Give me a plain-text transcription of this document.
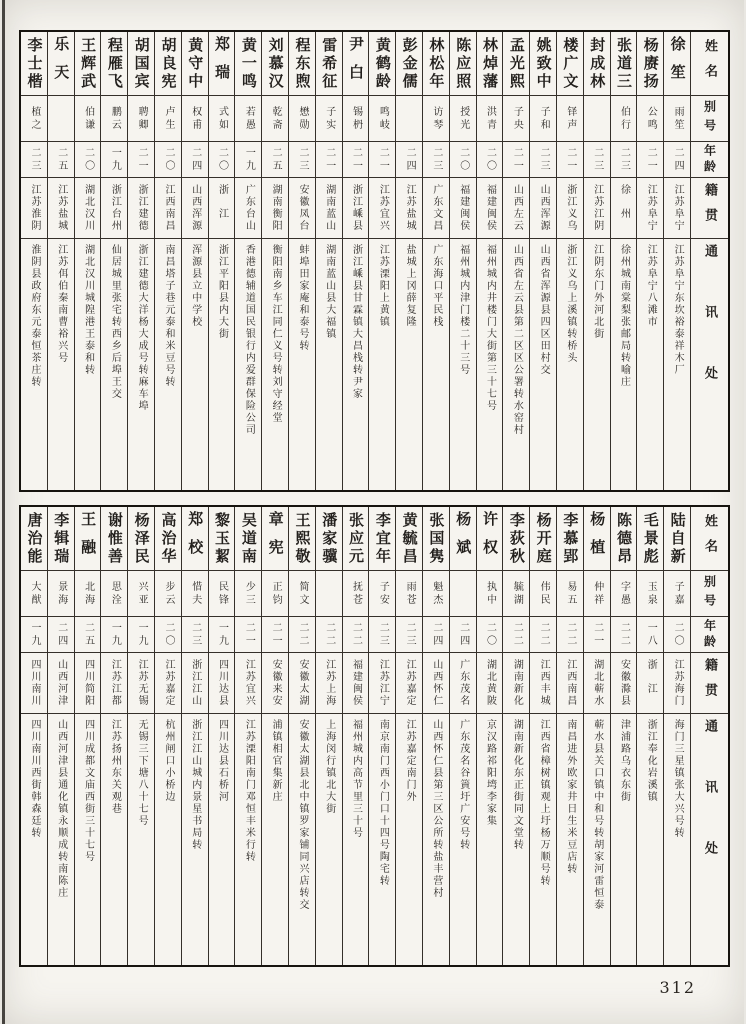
姓名
别号
年龄
籍贯
通讯处
徐笙
雨笙
二四
江苏阜宁
江苏阜宁东坎裕泰祥木厂
杨赓扬
公鸣
二一
江苏阜宁
江苏阜宁八滩市
张道三
伯行
二三
徐州
徐州城南棠梨张邮局转喻庄
封成林
二三
江苏江阴
江阴东门外河北街
楼广文
铎声
二一
浙江义乌
浙江义乌上溪镇转桥头
姚致中
子和
二三
山西浑源
山西省浑源县四区田村交
孟光熙
子央
二一
山西左云
山西省左云县第二区区公署转水窑村
林焯藩
洪青
二〇
福建闽侯
福州城内井楼门大街第三十七号
陈应照
授光
二〇
福建闽侯
福州城内津门楼二十三号
林松年
访琴
二三
广东文昌
广东海口平民栈
彭金儒
二四
江苏盐城
盐城上冈薛复隆
黄鹤龄
鸣岐
二一
江苏宜兴
江苏溧阳上黄镇
尹白
锡枬
二一
浙江嵊县
浙江嵊县甘霖镇大昌栈转尹家
雷希征
子实
二一
湖南蓝山
湖南蓝山县大福镇
程东煦
懋勋
二三
安徽凤台
蚌埠田家庵和泰号转
刘慕汉
乾斋
二五
湖南衡阳
衡阳南乡车江同仁义号转刘守经堂
黄一鸣
若愚
一九
广东台山
香港德辅道国民银行内爱群保险公司
郑瑞
式如
二〇
浙江
浙江平阳县内大街
黄守中
权甫
二四
山西浑源
浑源县立中学校
胡良宪
卢生
二〇
江西南昌
南昌塔子巷元泰和米豆号转
胡国宾
聘卿
二一
浙江建德
浙江建德大洋杨大成号转麻车埠
程雁飞
鹏云
一九
浙江台州
仙居城里张宅转西乡后埠王交
王辉武
伯谦
二〇
湖北汉川
湖北汉川城隍港王泰和转
乐天
二五
江苏盐城
江苏佴伯秦南曹裕兴号
李士楷
植之
二三
江苏淮阴
淮阴县政府东元泰恒茶庄转
姓名
别号
年龄
籍贯
通讯处
陆自新
子嘉
二〇
江苏海门
海门三星镇张大兴号转
毛景彪
玉泉
一八
浙江
浙江奉化岩溪镇
陈德昂
字愚
二二
安徽滁县
津浦路乌衣东街
杨植
仲祥
二一
湖北蕲水
蕲水县关口镇中和号转胡家河雷恒泰
李慕郢
易五
二二
江西南昌
南昌进外欧家井日生米豆店转
杨开庭
伟民
二二
江西丰城
江西省樟树镇观上圩杨万顺号转
李荻秋
毓湖
二二
湖南新化
湖南新化东正街同文堂转
许权
执中
二〇
湖北黄陂
京汉路祁阳塆李家集
杨斌
二四
广东茂名
广东茂名谷篢圩广安号转
张国隽
魁杰
二四
山西怀仁
山西怀仁县第三区公所转盐丰营村
黄毓昌
雨苍
二三
江苏嘉定
江苏嘉定南门外
李宜年
子安
二三
江苏江宁
南京南门西小门口十四号陶宅转
张应元
抚苍
二二
福建闽侯
福州城内高节里三十号
潘家骥
二二
江苏上海
上海闵行镇北大街
王熙敬
简文
二二
安徽太湖
安徽太湖县北中镇罗家铺同兴店转交
章宪
正钧
二一
安徽来安
浦镇相官集新庄
吴道南
少三
二一
江苏宜兴
江苏溧阳南门邓恒丰米行转
黎玉絜
民锋
一九
四川达县
四川达县石桥河
郑校
惜夫
二三
浙江江山
浙江江山城内景星书局转
高治华
步云
二〇
江苏嘉定
杭州闸口小桥边
杨泽民
兴亚
一九
江苏无锡
无锡三下塘八十七号
谢惟善
思洤
一九
江苏江都
江苏扬州东关观巷
王融
北海
二五
四川简阳
四川成都文庙西街三十七号
李辑瑞
景海
二四
山西河津
山西河津县通化镇永顺成转南陈庄
唐治能
大猷
一九
四川南川
四川南川西街韩森廷转
312
